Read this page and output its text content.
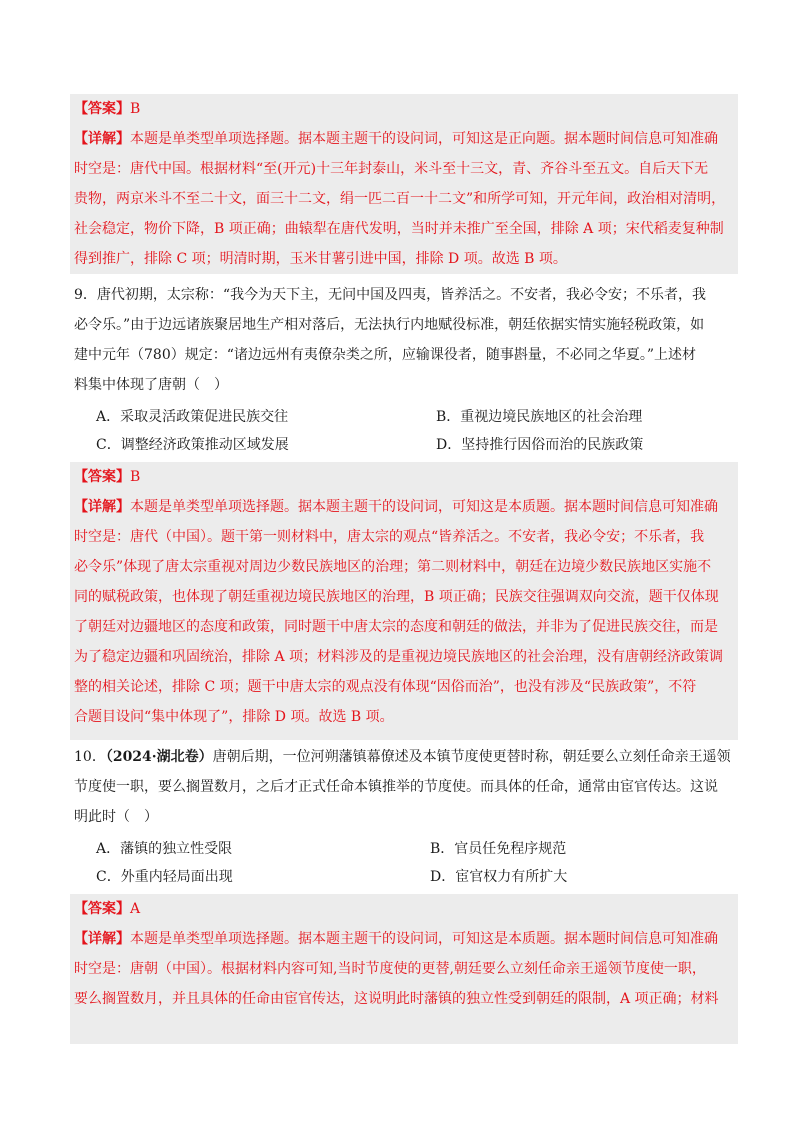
【答案】B
【详解】本题是单类型单项选择题。据本题主题干的设问词，可知这是正向题。据本题时间信息可知准确
时空是：唐代中国。根据材料“至(开元)十三年封泰山，米斗至十三文，青、齐谷斗至五文。自后天下无
贵物，两京米斗不至二十文，面三十二文，绢一匹二百一十二文”和所学可知，开元年间，政治相对清明，
社会稳定，物价下降，B 项正确；曲辕犁在唐代发明，当时并未推广至全国，排除 A 项；宋代稻麦复种制
得到推广，排除 C 项；明清时期，玉米甘薯引进中国，排除 D 项。故选 B 项。
9．唐代初期，太宗称：“我今为天下主，无问中国及四夷，皆养活之。不安者，我必令安；不乐者，我
必令乐。”由于边远诸族聚居地生产相对落后，无法执行内地赋役标准，朝廷依据实情实施轻税政策，如
建中元年（780）规定：“诸边远州有夷僚杂类之所，应输课役者，随事斟量，不必同之华夏。”上述材
料集中体现了唐朝（　）
A．采取灵活政策促进民族交往	B．重视边境民族地区的社会治理
C．调整经济政策推动区域发展	D．坚持推行因俗而治的民族政策
【答案】B
【详解】本题是单类型单项选择题。据本题主题干的设问词，可知这是本质题。据本题时间信息可知准确
时空是：唐代（中国）。题干第一则材料中，唐太宗的观点“皆养活之。不安者，我必令安；不乐者，我
必令乐”体现了唐太宗重视对周边少数民族地区的治理；第二则材料中，朝廷在边境少数民族地区实施不
同的赋税政策，也体现了朝廷重视边境民族地区的治理，B 项正确；民族交往强调双向交流，题干仅体现
了朝廷对边疆地区的态度和政策，同时题干中唐太宗的态度和朝廷的做法，并非为了促进民族交往，而是
为了稳定边疆和巩固统治，排除 A 项；材料涉及的是重视边境民族地区的社会治理，没有唐朝经济政策调
整的相关论述，排除 C 项；题干中唐太宗的观点没有体现“因俗而治”，也没有涉及“民族政策”，不符
合题目设问“集中体现了”，排除 D 项。故选 B 项。
10．（2024·湖北卷）唐朝后期，一位河朔藩镇幕僚述及本镇节度使更替时称，朝廷要么立刻任命亲王遥领
节度使一职，要么搁置数月，之后才正式任命本镇推举的节度使。而具体的任命，通常由宦官传达。这说
明此时（　）
A．藩镇的独立性受限	B．官员任免程序规范
C．外重内轻局面出现	D．宦官权力有所扩大
【答案】A
【详解】本题是单类型单项选择题。据本题主题干的设问词，可知这是本质题。据本题时间信息可知准确
时空是：唐朝（中国）。根据材料内容可知,当时节度使的更替,朝廷要么立刻任命亲王遥领节度使一职，
要么搁置数月，并且具体的任命由宦官传达，这说明此时藩镇的独立性受到朝廷的限制，A 项正确；材料
